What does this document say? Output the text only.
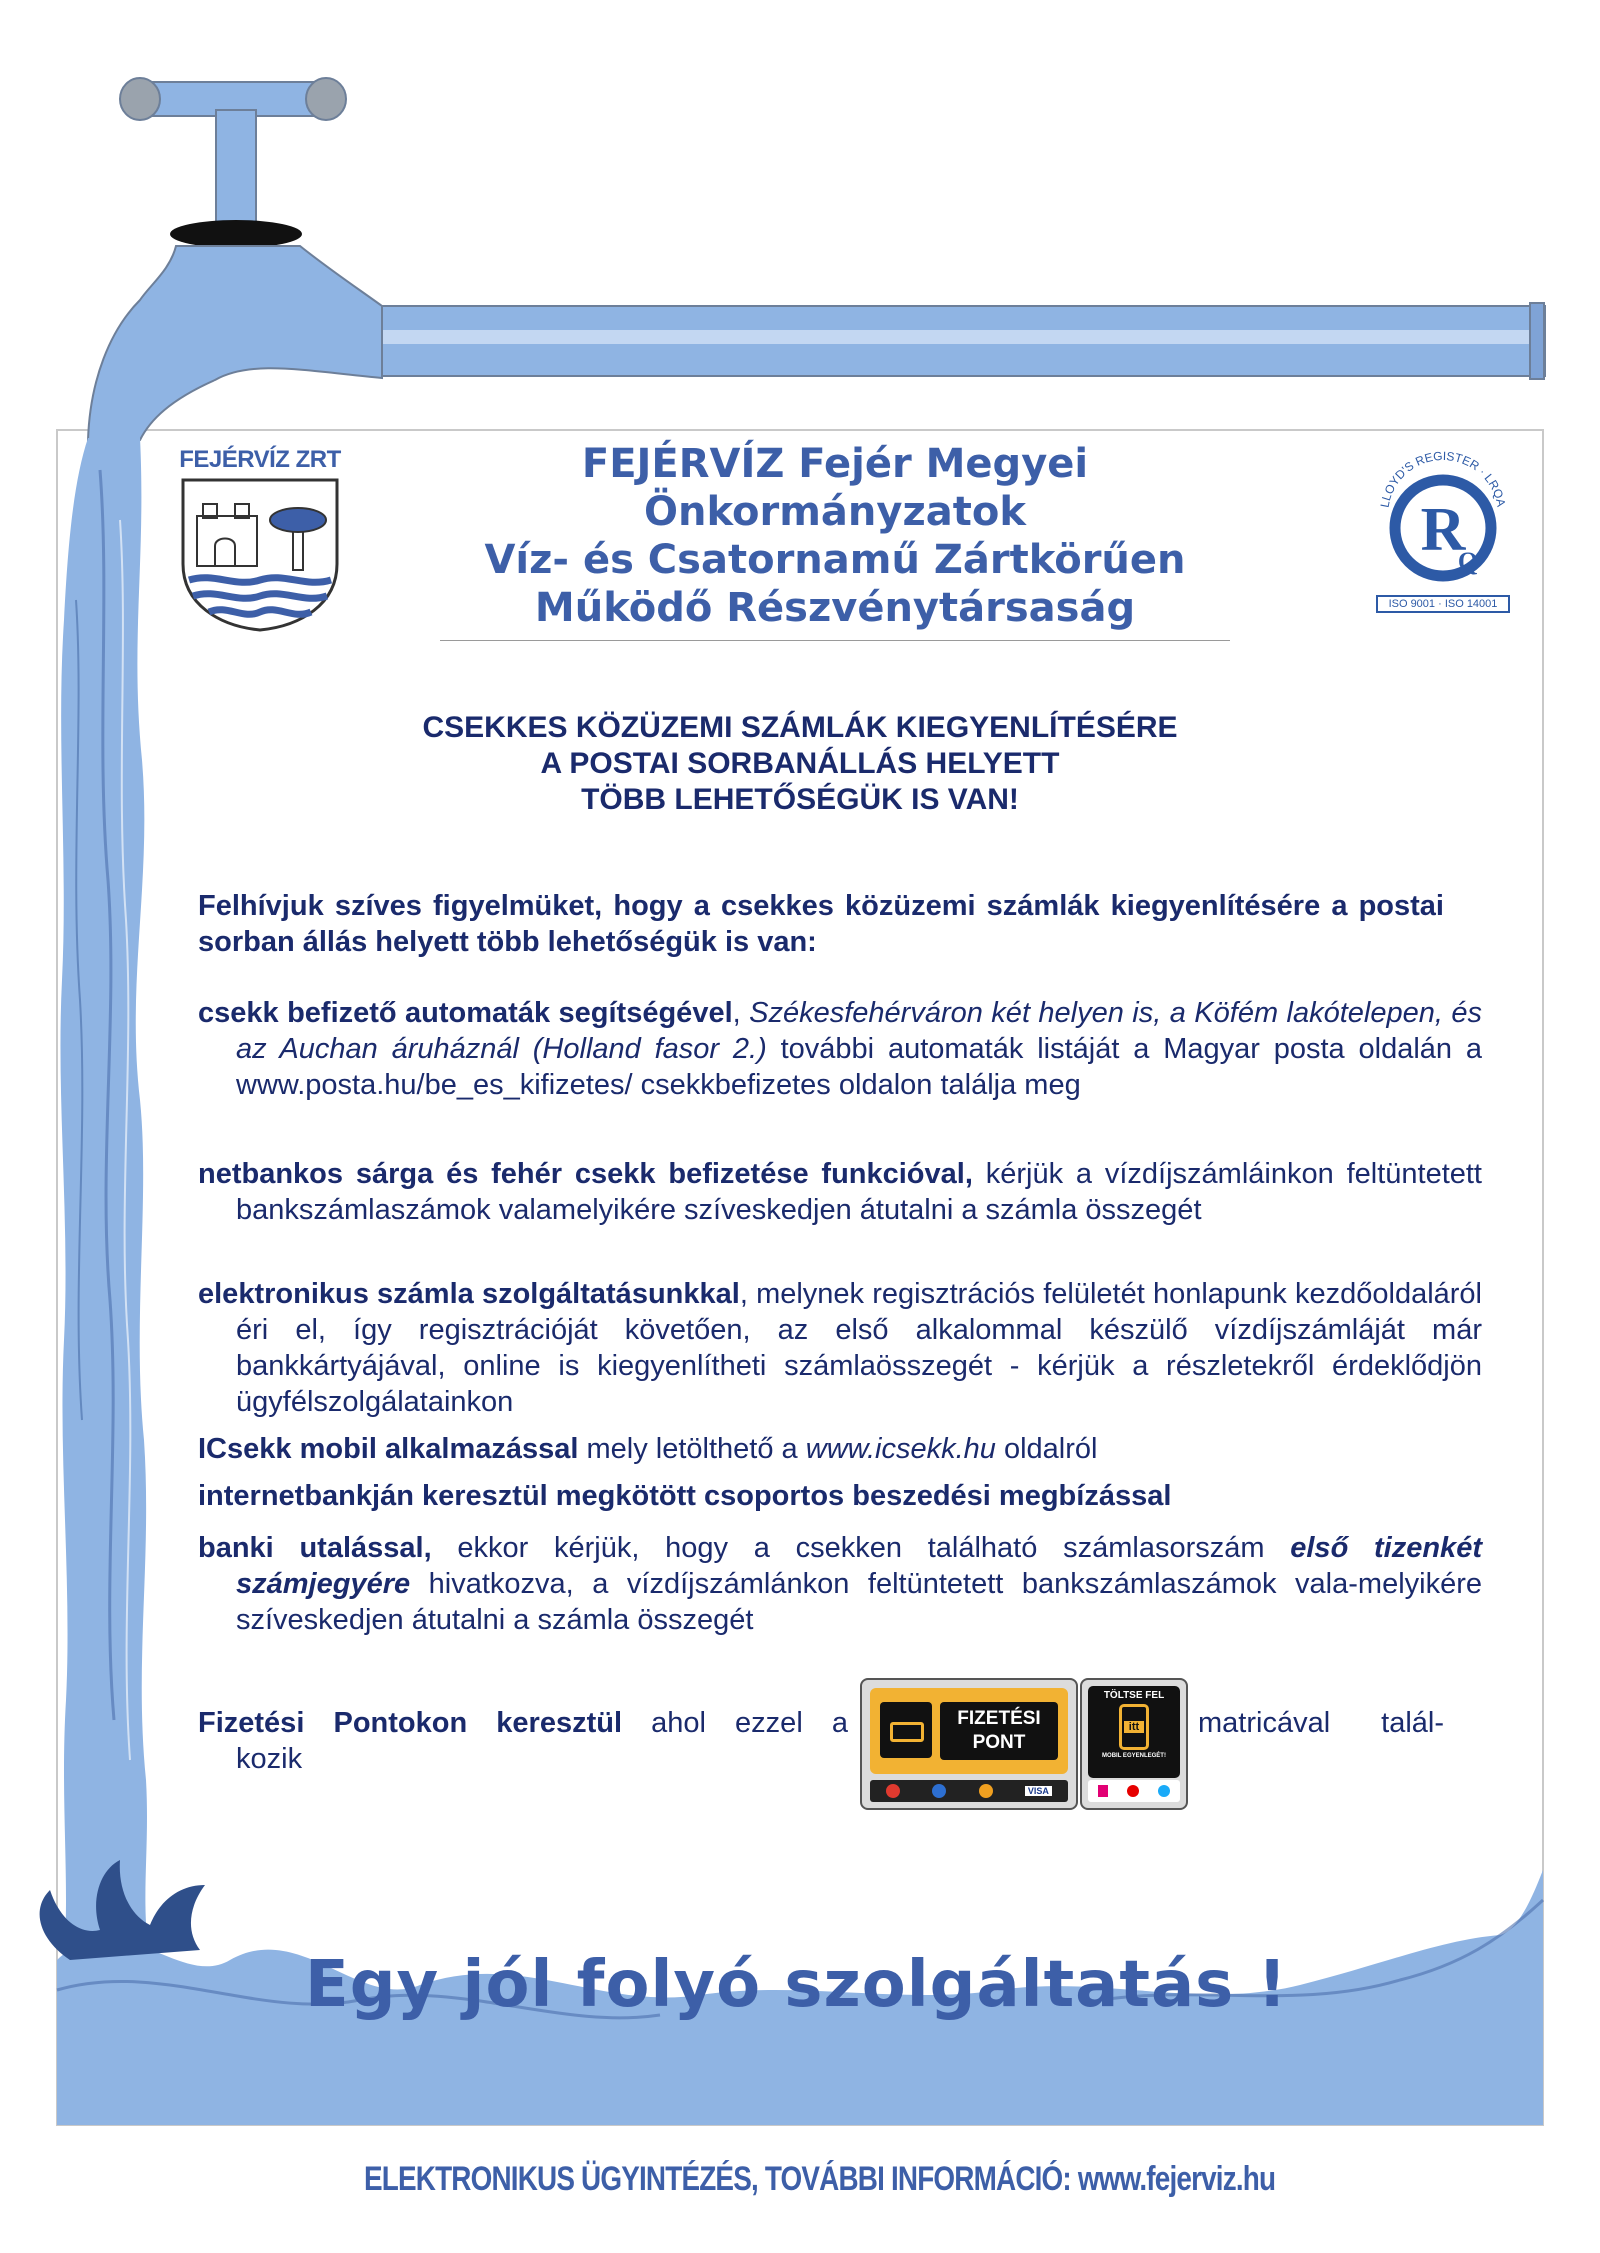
FEJÉRVÍZ ZRT	FEJÉRVÍZ Fejér Megyei Önkormányzatok
Víz- és Csatornamű Zártkörűen
Működő Részvénytársaság
LLOYD'S REGISTER · LRQA
R
Q
ISO 9001 · ISO 14001
CSEKKES KÖZÜZEMI SZÁMLÁK KIEGYENLÍTÉSÉRE
A POSTAI SORBANÁLLÁS HELYETT
TÖBB LEHETŐSÉGÜK IS VAN!
Felhívjuk szíves figyelmüket, hogy a csekkes közüzemi számlák kiegyenlítésére a postai sorban állás helyett több lehetőségük is van:
csekk befizető automaták segítségével, Székesfehérváron két helyen is, a Köfém lakótelepen, és az Auchan áruháznál (Holland fasor 2.) további automaták listáját a Magyar posta oldalán a www.posta.hu/be_es_kifizetes/ csekkbefizetes oldalon találja meg
netbankos sárga és fehér csekk befizetése funkcióval, kérjük a vízdíjszámláinkon feltüntetett bankszámlaszámok valamelyikére szíveskedjen átutalni a számla összegét
elektronikus számla szolgáltatásunkkal, melynek regisztrációs felületét honlapunk kezdőoldaláról éri el, így regisztrációját követően, az első alkalommal készülő vízdíjszámláját már bankkártyájával, online is kiegyenlítheti számlaösszegét - kérjük a részletekről érdeklődjön ügyfélszolgálatainkon
ICsekk mobil alkalmazással mely letölthető a www.icsekk.hu oldalról
internetbankján keresztül megkötött csoportos beszedési megbízással
banki utalással, ekkor kérjük, hogy a csekken található számlasorszám első tizenkét számjegyére hivatkozva, a vízdíjszámlánkon feltüntetett bankszámlaszámok vala-melyikére szíveskedjen átutalni a számla összegét
Fizetési Pontokon keresztül ahol ezzel a
kozik
matricával talál-
FIZETÉSI
PONT
VISA
TÖLTSE FEL
itt
MOBIL EGYENLEGÉT!
Egy jól folyó szolgáltatás !
ELEKTRONIKUS ÜGYINTÉZÉS, TOVÁBBI INFORMÁCIÓ: www.fejerviz.hu
